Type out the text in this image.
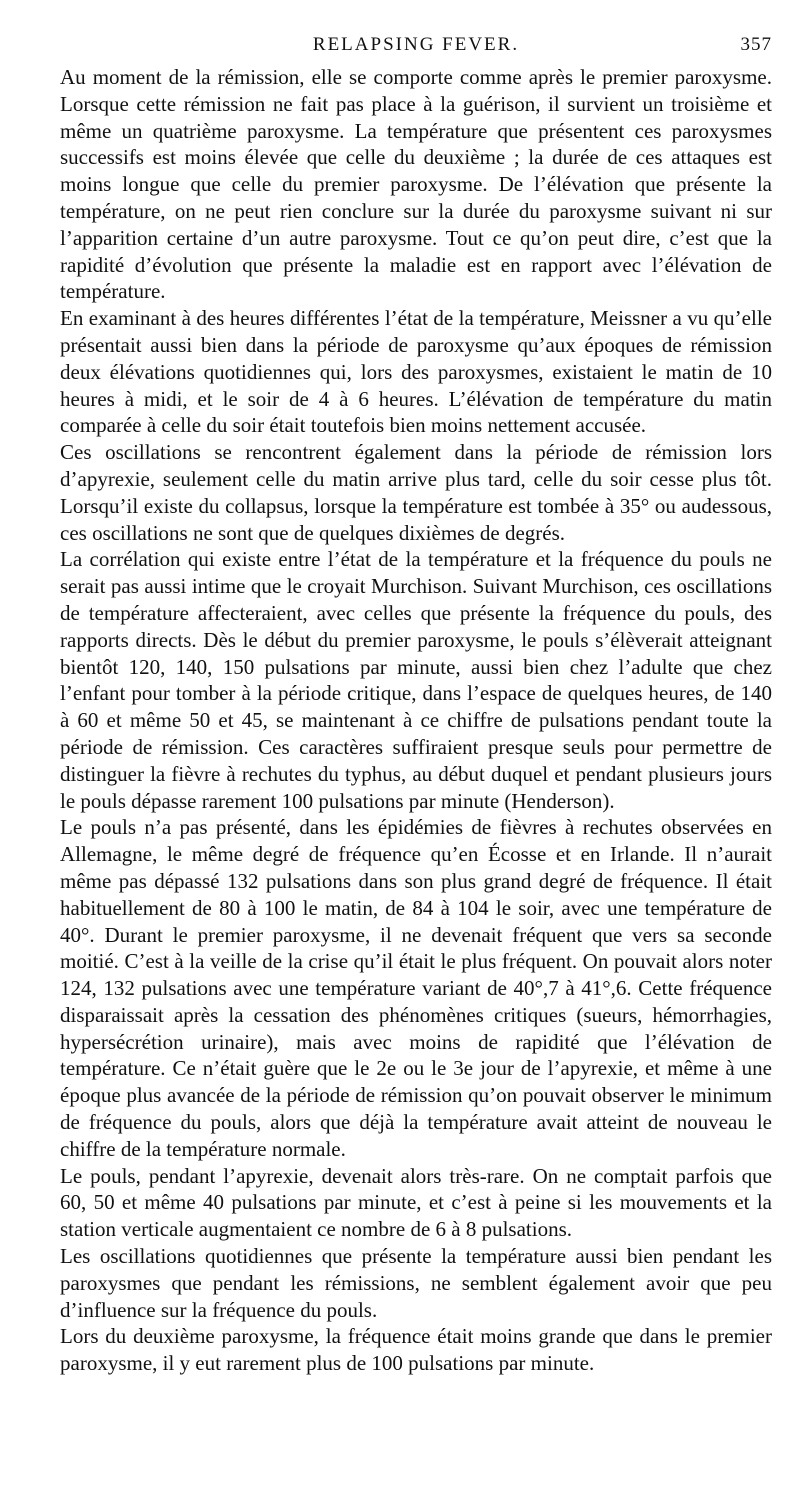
RELAPSING FEVER.	357

Au moment de la rémission, elle se comporte comme après le premier paroxysme. Lorsque cette rémission ne fait pas place à la guérison, il survient un troisième et même un quatrième paroxysme. La température que présentent ces paroxysmes successifs est moins élevée que celle du deuxième ; la durée de ces attaques est moins longue que celle du premier paroxysme. De l’élévation que présente la température, on ne peut rien conclure sur la durée du paroxysme suivant ni sur l’apparition certaine d’un autre paroxysme. Tout ce qu’on peut dire, c’est que la rapidité d’évolution que présente la maladie est en rapport avec l’élévation de température.

En examinant à des heures différentes l’état de la température, Meissner a vu qu’elle présentait aussi bien dans la période de paroxysme qu’aux époques de rémission deux élévations quotidiennes qui, lors des paroxysmes, existaient le matin de 10 heures à midi, et le soir de 4 à 6 heures. L’élévation de température du matin comparée à celle du soir était toutefois bien moins nettement accusée.

Ces oscillations se rencontrent également dans la période de rémission lors d’apyrexie, seulement celle du matin arrive plus tard, celle du soir cesse plus tôt. Lorsqu’il existe du collapsus, lorsque la température est tombée à 35° ou audessous, ces oscillations ne sont que de quelques dixièmes de degrés.

La corrélation qui existe entre l’état de la température et la fréquence du pouls ne serait pas aussi intime que le croyait Murchison. Suivant Murchison, ces oscillations de température affecteraient, avec celles que présente la fréquence du pouls, des rapports directs. Dès le début du premier paroxysme, le pouls s’élèverait atteignant bientôt 120, 140, 150 pulsations par minute, aussi bien chez l’adulte que chez l’enfant pour tomber à la période critique, dans l’espace de quelques heures, de 140 à 60 et même 50 et 45, se maintenant à ce chiffre de pulsations pendant toute la période de rémission. Ces caractères suffiraient presque seuls pour permettre de distinguer la fièvre à rechutes du typhus, au début duquel et pendant plusieurs jours le pouls dépasse rarement 100 pulsations par minute (Henderson).

Le pouls n’a pas présenté, dans les épidémies de fièvres à rechutes observées en Allemagne, le même degré de fréquence qu’en Écosse et en Irlande. Il n’aurait même pas dépassé 132 pulsations dans son plus grand degré de fréquence. Il était habituellement de 80 à 100 le matin, de 84 à 104 le soir, avec une température de 40°. Durant le premier paroxysme, il ne devenait fréquent que vers sa seconde moitié. C’est à la veille de la crise qu’il était le plus fréquent. On pouvait alors noter 124, 132 pulsations avec une température variant de 40°,7 à 41°,6. Cette fréquence disparaissait après la cessation des phénomènes critiques (sueurs, hémorrhagies, hypersécrétion urinaire), mais avec moins de rapidité que l’élévation de température. Ce n’était guère que le 2e ou le 3e jour de l’apyrexie, et même à une époque plus avancée de la période de rémission qu’on pouvait observer le minimum de fréquence du pouls, alors que déjà la température avait atteint de nouveau le chiffre de la température normale.

Le pouls, pendant l’apyrexie, devenait alors très-rare. On ne comptait parfois que 60, 50 et même 40 pulsations par minute, et c’est à peine si les mouvements et la station verticale augmentaient ce nombre de 6 à 8 pulsations.

Les oscillations quotidiennes que présente la température aussi bien pendant les paroxysmes que pendant les rémissions, ne semblent également avoir que peu d’influence sur la fréquence du pouls.

Lors du deuxième paroxysme, la fréquence était moins grande que dans le premier paroxysme, il y eut rarement plus de 100 pulsations par minute.
